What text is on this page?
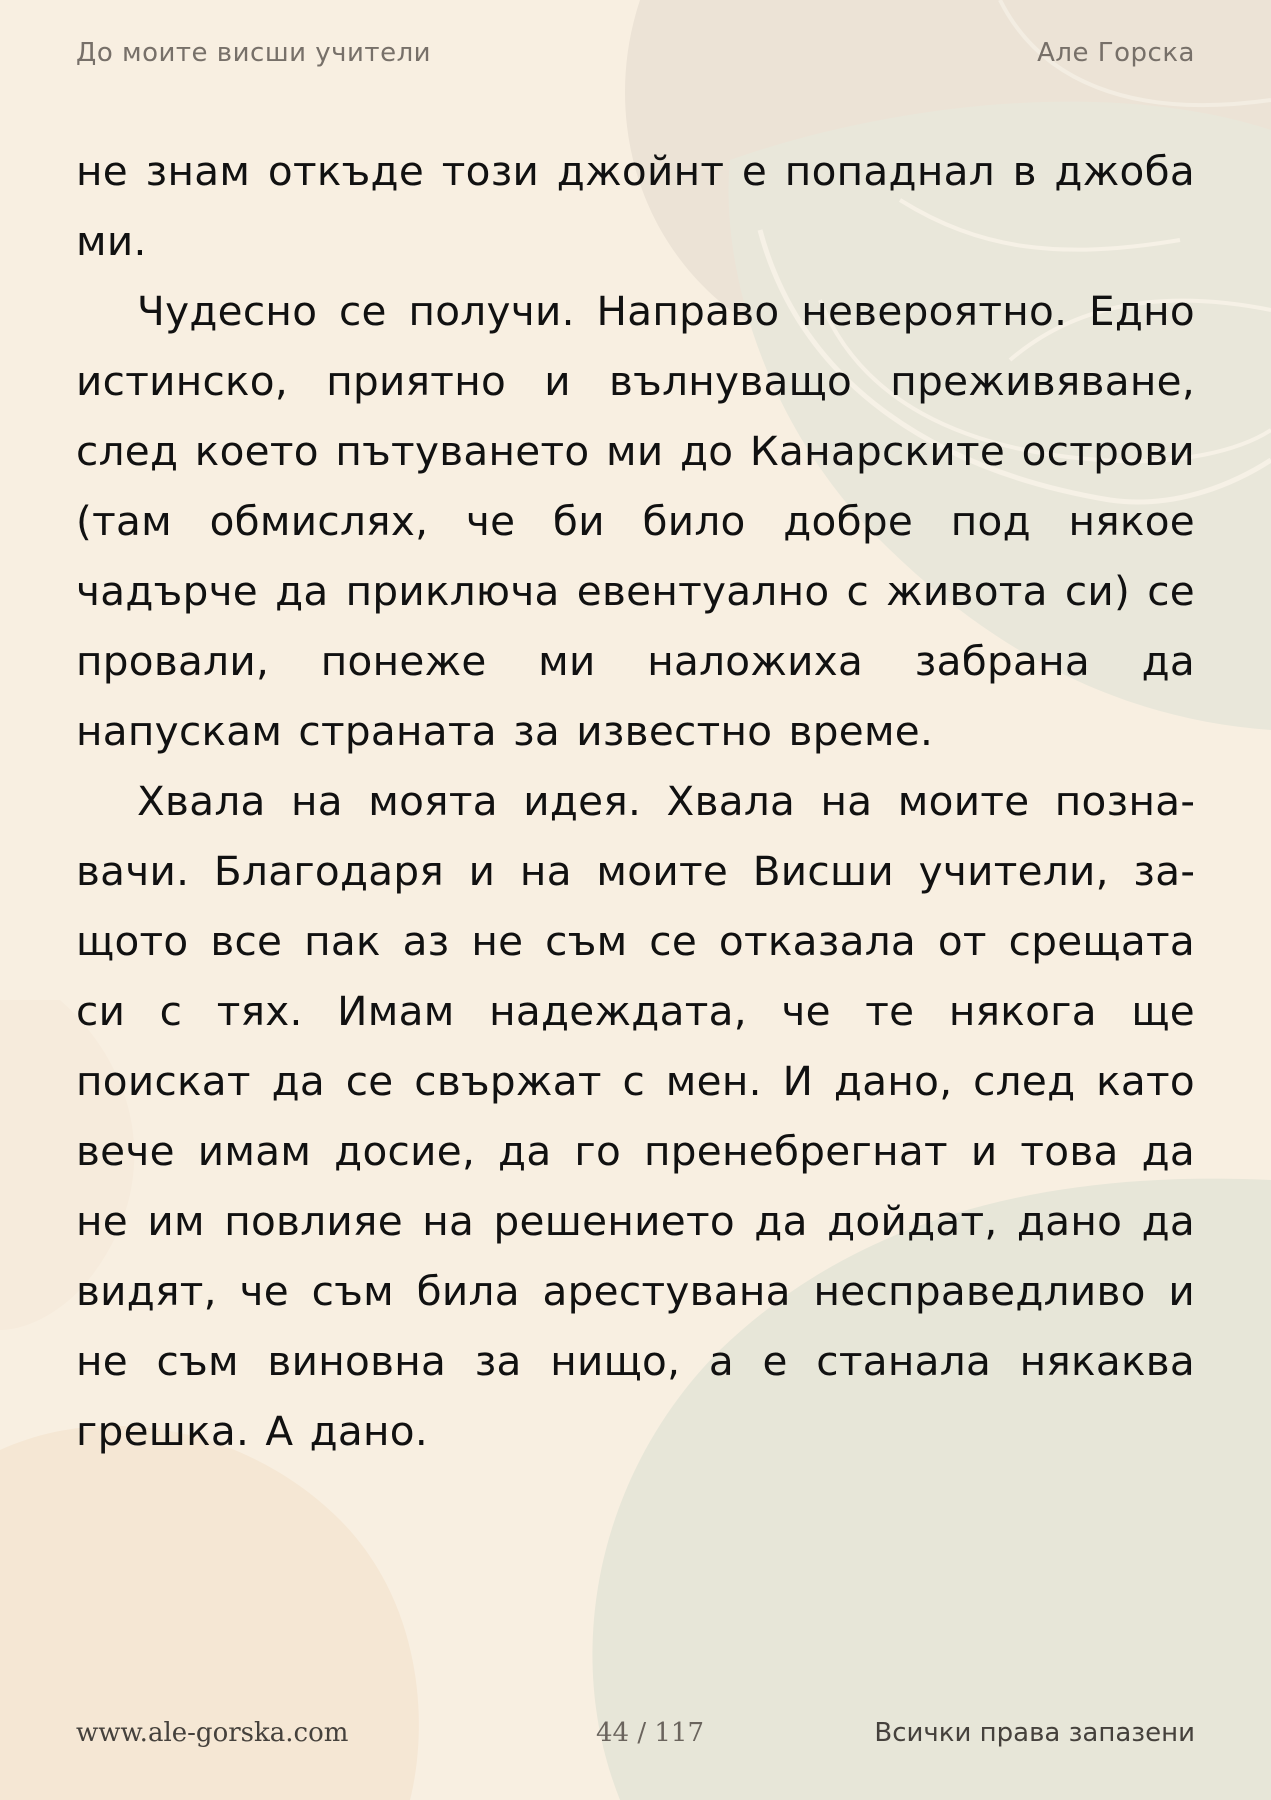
До моите висши учители	Але Горска

не знам откъде този джойнт е попаднал в джоба ми.

Чудесно се получи. Направо невероятно. Едно истинско, приятно и вълнуващо преживяване, след което пътуването ми до Канарските острови (там обмислях, че би било добре под някое чадърче да приключа евентуално с живота си) се провали, понеже ми наложиха забрана да напускам страната за известно време.

Хвала на моята идея. Хвала на моите познавачи. Благодаря и на моите Висши учители, защото все пак аз не съм се отказала от срещата си с тях. Имам надеждата, че те някога ще поискат да се свържат с мен. И дано, след като вече имам досие, да го пренебрегнат и това да не им повлияе на решението да дойдат, дано да видят, че съм била арестувана несправедливо и не съм виновна за нищо, а е станала някаква грешка. А дано.

www.ale-gorska.com	44 / 117	Всички права запазени
